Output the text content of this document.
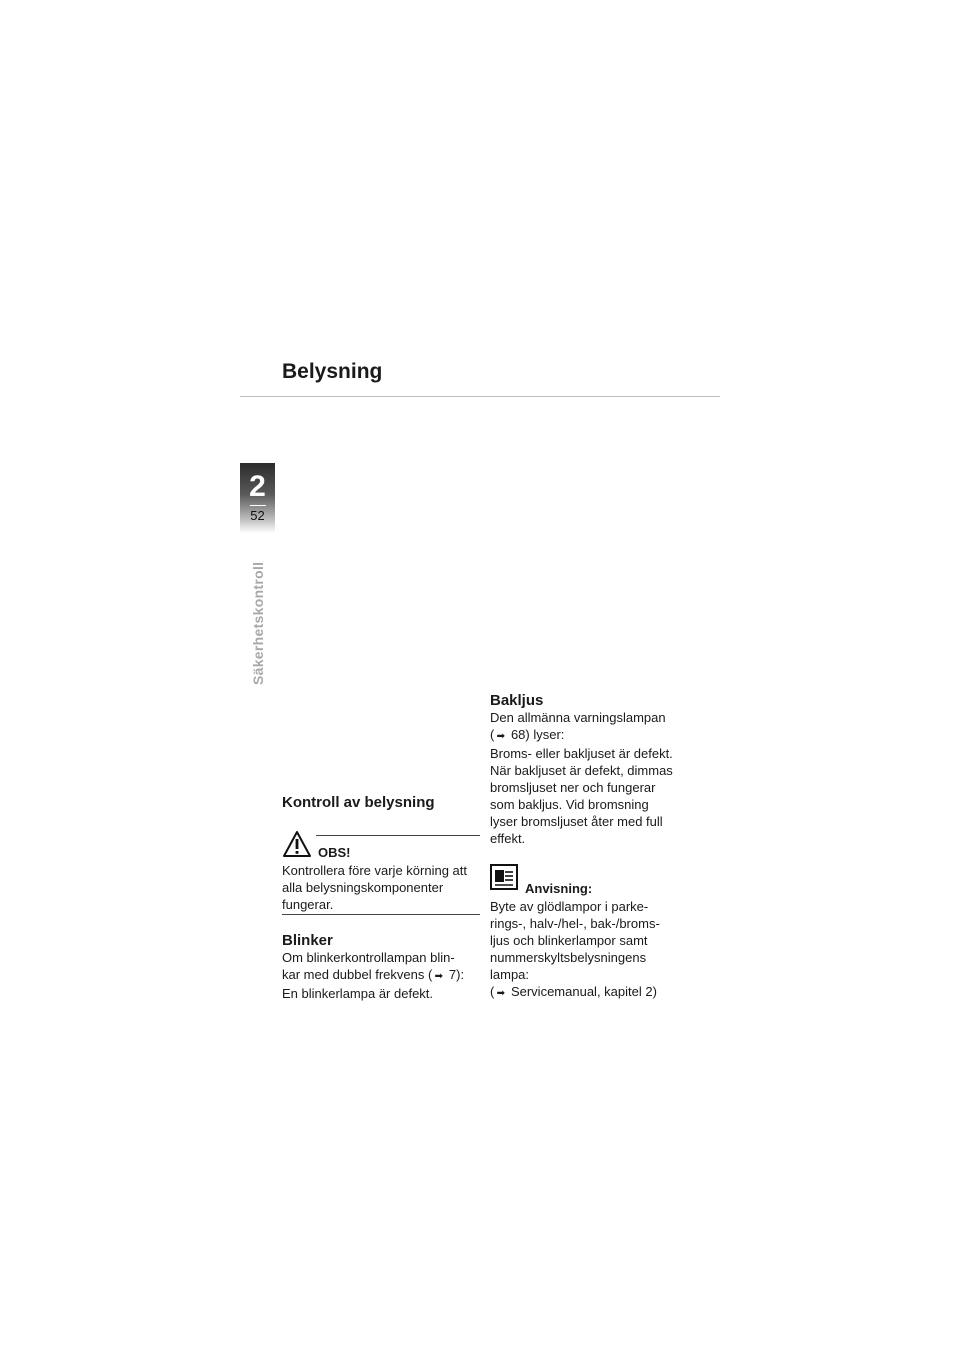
Belysning
2
52
Säkerhetskontroll
Kontroll av belysning
OBS!
Kontrollera före varje körning att
alla belysningskomponenter
fungerar.
Blinker
Om blinkerkontrollampan blin-
kar med dubbel frekvens ( ➡ 7):
En blinkerlampa är defekt.
Bakljus
Den allmänna varningslampan
( ➡ 68) lyser:
Broms- eller bakljuset är defekt.
När bakljuset är defekt, dimmas
bromsljuset ner och fungerar
som bakljus. Vid bromsning
lyser bromsljuset åter med full
effekt.
Anvisning:
Byte av glödlampor i parke-
rings-, halv-/hel-, bak-/broms-
ljus och blinkerlampor samt
nummerskyltsbelysningens
lampa:
( ➡ Servicemanual, kapitel 2)
